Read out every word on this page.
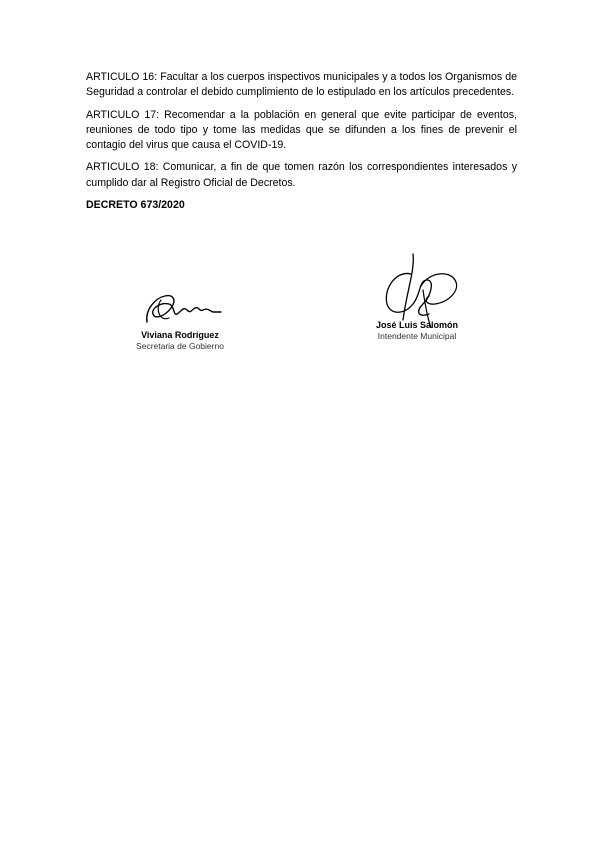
ARTICULO 16: Facultar a los cuerpos inspectivos municipales y a todos los Organismos de Seguridad a controlar el debido cumplimiento de lo estipulado en los artículos precedentes.

ARTICULO 17: Recomendar a la población en general que evite participar de eventos, reuniones de todo tipo y tome las medidas que se difunden a los fines de prevenir el contagio del virus que causa el COVID-19.

ARTICULO 18: Comunicar, a fin de que tomen razón los correspondientes interesados y cumplido dar al Registro Oficial de Decretos.

DECRETO 673/2020

Viviana Rodríguez
Secretaria de Gobierno
José Luis Salomón
Intendente Municipal
